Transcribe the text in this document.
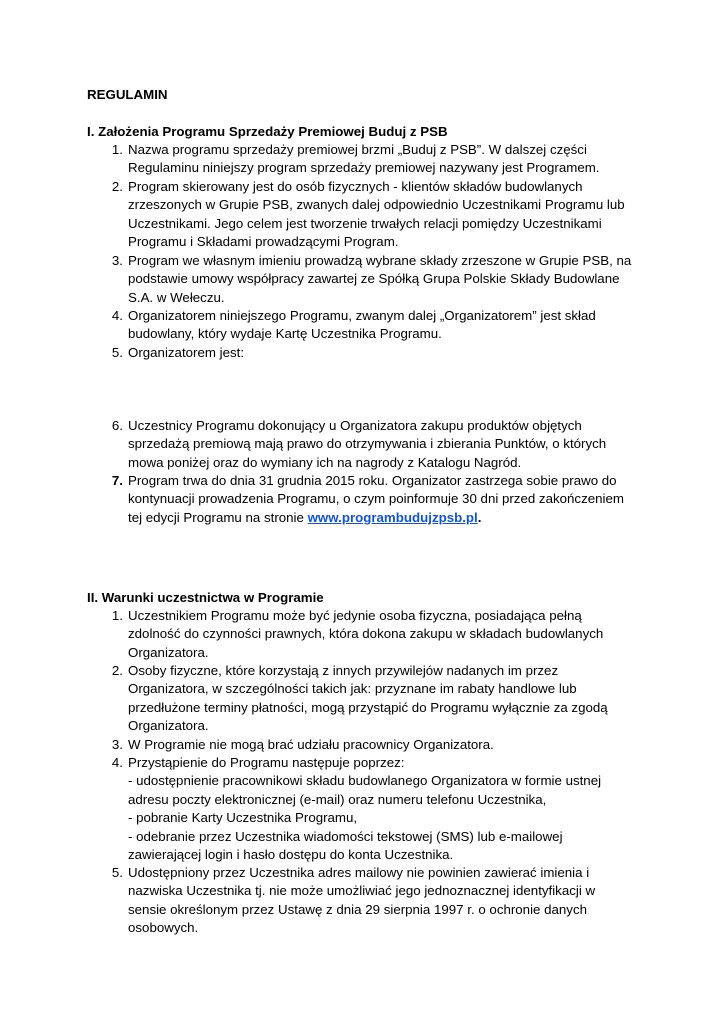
REGULAMIN
I. Założenia Programu Sprzedaży Premiowej Buduj z PSB
1. Nazwa programu sprzedaży premiowej brzmi „Buduj z PSB”. W dalszej części
Regulaminu niniejszy program sprzedaży premiowej nazywany jest Programem.
2. Program skierowany jest do osób fizycznych - klientów składów budowlanych
zrzeszonych w Grupie PSB, zwanych dalej odpowiednio Uczestnikami Programu lub
Uczestnikami. Jego celem jest tworzenie trwałych relacji pomiędzy Uczestnikami
Programu i Składami prowadzącymi Program.
3. Program we własnym imieniu prowadzą wybrane składy zrzeszone w Grupie PSB, na
podstawie umowy współpracy zawartej ze Spółką Grupa Polskie Składy Budowlane
S.A. w Wełeczu.
4. Organizatorem niniejszego Programu, zwanym dalej „Organizatorem” jest skład
budowlany, który wydaje Kartę Uczestnika Programu.
5. Organizatorem jest:
6. Uczestnicy Programu dokonujący u Organizatora zakupu produktów objętych
sprzedażą premiową mają prawo do otrzymywania i zbierania Punktów, o których
mowa poniżej oraz do wymiany ich na nagrody z Katalogu Nagród.
7. Program trwa do dnia 31 grudnia 2015 roku. Organizator zastrzega sobie prawo do
kontynuacji prowadzenia Programu, o czym poinformuje 30 dni przed zakończeniem
tej edycji Programu na stronie www.programbudujzpsb.pl.
II. Warunki uczestnictwa w Programie
1. Uczestnikiem Programu może być jedynie osoba fizyczna, posiadająca pełną
zdolność do czynności prawnych, która dokona zakupu w składach budowlanych
Organizatora.
2. Osoby fizyczne, które korzystają z innych przywilejów nadanych im przez
Organizatora, w szczególności takich jak: przyznane im rabaty handlowe lub
przedłużone terminy płatności, mogą przystąpić do Programu wyłącznie za zgodą
Organizatora.
3. W Programie nie mogą brać udziału pracownicy Organizatora.
4. Przystąpienie do Programu następuje poprzez:
- udostępnienie pracownikowi składu budowlanego Organizatora w formie ustnej
adresu poczty elektronicznej (e-mail) oraz numeru telefonu Uczestnika,
- pobranie Karty Uczestnika Programu,
- odebranie przez Uczestnika wiadomości tekstowej (SMS) lub e-mailowej
zawierającej login i hasło dostępu do konta Uczestnika.
5. Udostępniony przez Uczestnika adres mailowy nie powinien zawierać imienia i
nazwiska Uczestnika tj. nie może umożliwiać jego jednoznacznej identyfikacji w
sensie określonym przez Ustawę z dnia 29 sierpnia 1997 r. o ochronie danych
osobowych.
